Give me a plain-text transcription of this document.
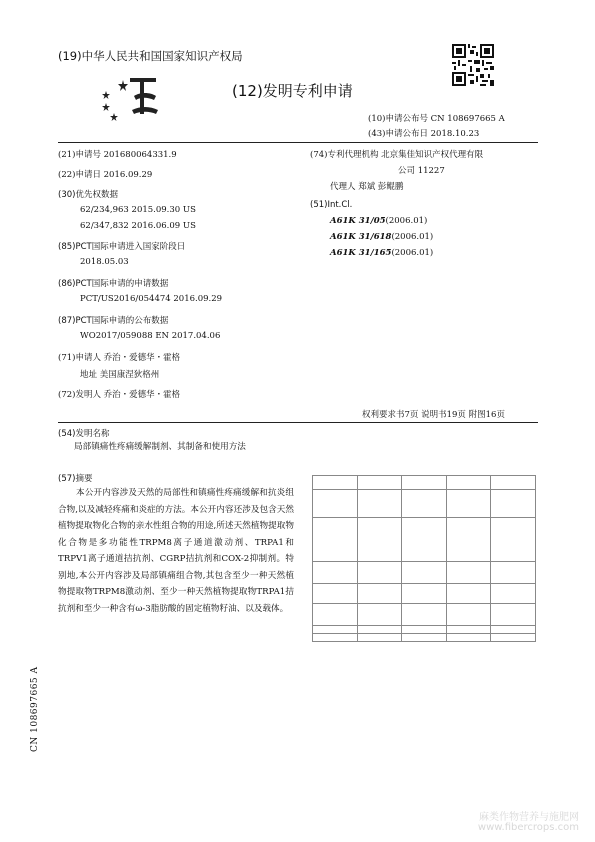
(19)中华人民共和国国家知识产权局
(12)发明专利申请
(10)申请公布号 CN 108697665 A
(43)申请公布日 2018.10.23
(21)申请号 201680064331.9
(22)申请日 2016.09.29
(30)优先权数据
62/234,963 2015.09.30 US
62/347,832 2016.06.09 US
(85)PCT国际申请进入国家阶段日
2018.05.03
(86)PCT国际申请的申请数据
PCT/US2016/054474 2016.09.29
(87)PCT国际申请的公布数据
WO2017/059088 EN 2017.04.06
(71)申请人 乔治・爱德华・霍格
地址 美国康涅狄格州
(72)发明人 乔治・爱德华・霍格
(74)专利代理机构 北京集佳知识产权代理有限
公司 11227
代理人 郑斌 彭鲲鹏
(51)Int.Cl.
A61K 31/05(2006.01)
A61K 31/618(2006.01)
A61K 31/165(2006.01)
权利要求书7页 说明书19页 附图16页
(54)发明名称
局部镇痛性疼痛缓解制剂、其制备和使用方法
(57)摘要
本公开内容涉及天然的局部性和镇痛性疼痛缓解和抗炎组合物,以及减轻疼痛和炎症的方法。本公开内容还涉及包含天然植物提取物化合物的亲水性组合物的用途,所述天然植物提取物化合物是多功能性TRPM8离子通道激动剂、TRPA1和TRPV1离子通道拮抗剂、CGRP拮抗剂和COX-2抑制剂。特别地,本公开内容涉及局部镇痛组合物,其包含至少一种天然植物提取物TRPM8激动剂、至少一种天然植物提取物TRPA1拮抗剂和至少一种含有ω-3脂肪酸的固定植物籽油、以及载体。

CN 108697665 A
麻类作物营养与施肥网
www.fibercrops.com
